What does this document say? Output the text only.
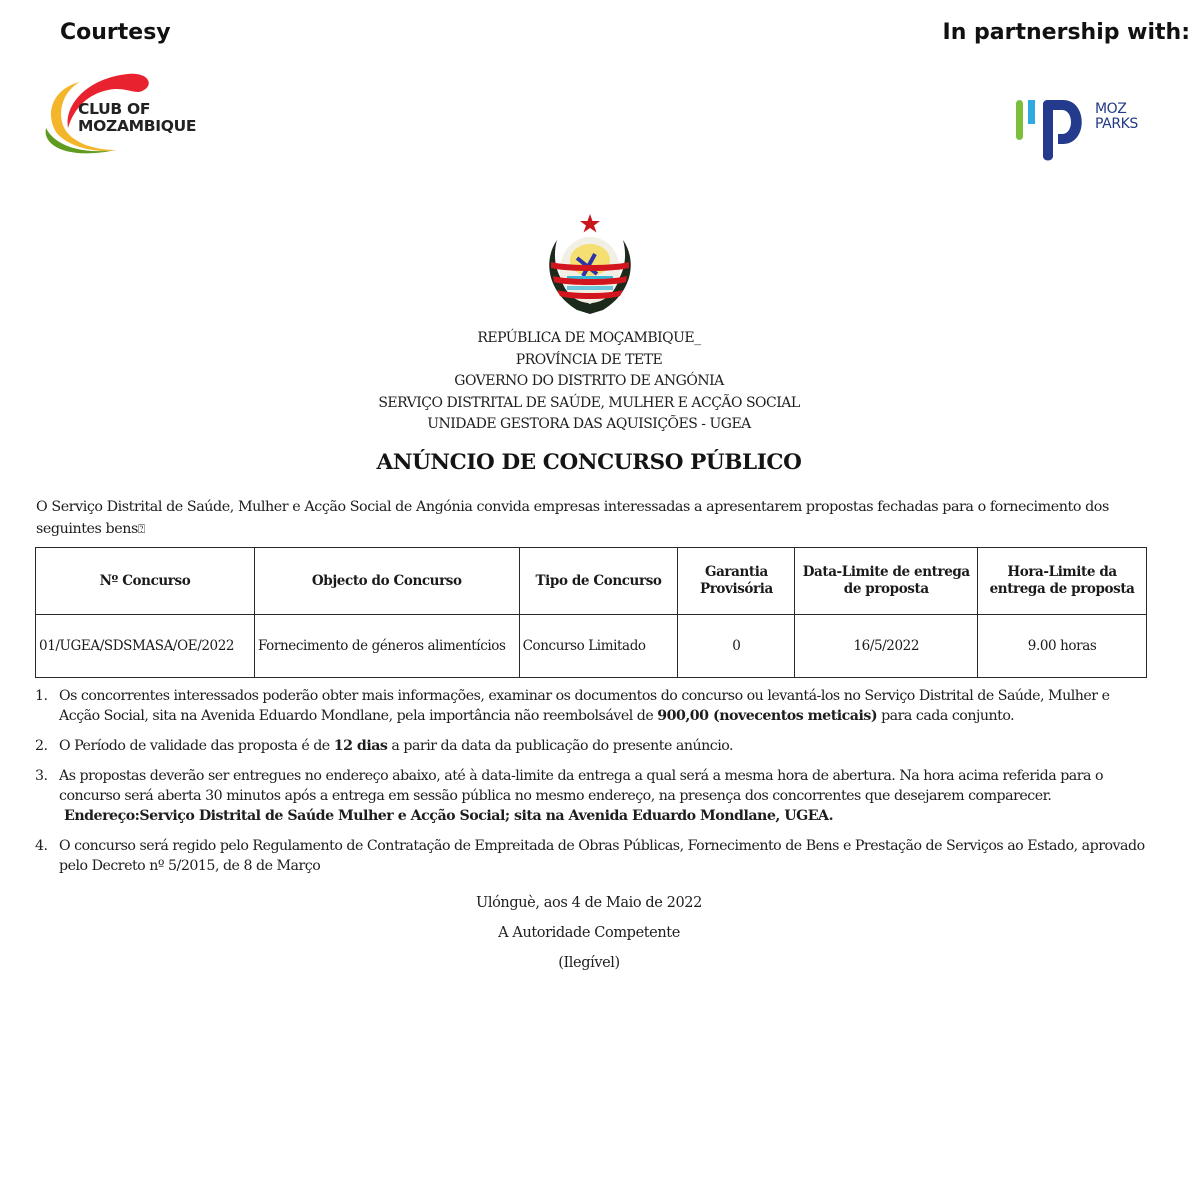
Courtesy	In partnership with:
CLUB OF
MOZAMBIQUE
MOZ
PARKS
REPÚBLICA DE MOÇAMBIQUE_
PROVÍNCIA DE TETE
GOVERNO DO DISTRITO DE ANGÓNIA
SERVIÇO DISTRITAL DE SAÚDE, MULHER E ACÇÃO SOCIAL
UNIDADE GESTORA DAS AQUISIÇÕES - UGEA
ANÚNCIO DE CONCURSO PÚBLICO
O Serviço Distrital de Saúde, Mulher e Acção Social de Angónia convida empresas interessadas a apresentarem propostas fechadas para o fornecimento dos seguintes bens⍰
Nº Concurso	Objecto do Concurso	Tipo de Concurso	Garantia Provisória	Data-Limite de entrega de proposta	Hora-Limite da entrega de proposta
01/UGEA/SDSMASA/OE/2022	Fornecimento de géneros alimentícios	Concurso Limitado	0	16/5/2022	9.00 horas
1. Os concorrentes interessados poderão obter mais informações, examinar os documentos do concurso ou levantá-los no Serviço Distrital de Saúde, Mulher e Acção Social, sita na Avenida Eduardo Mondlane, pela importância não reembolsável de 900,00 (novecentos meticais) para cada conjunto.
2. O Período de validade das proposta é de 12 dias a parir da data da publicação do presente anúncio.
3. As propostas deverão ser entregues no endereço abaixo, até à data-limite da entrega a qual será a mesma hora de abertura. Na hora acima referida para o concurso será aberta 30 minutos após a entrega em sessão pública no mesmo endereço, na presença dos concorrentes que desejarem comparecer.
Endereço:Serviço Distrital de Saúde Mulher e Acção Social; sita na Avenida Eduardo Mondlane, UGEA.
4. O concurso será regido pelo Regulamento de Contratação de Empreitada de Obras Públicas, Fornecimento de Bens e Prestação de Serviços ao Estado, aprovado pelo Decreto nº 5/2015, de 8 de Março
Ulónguè, aos 4 de Maio de 2022
A Autoridade Competente
(Ilegível)
